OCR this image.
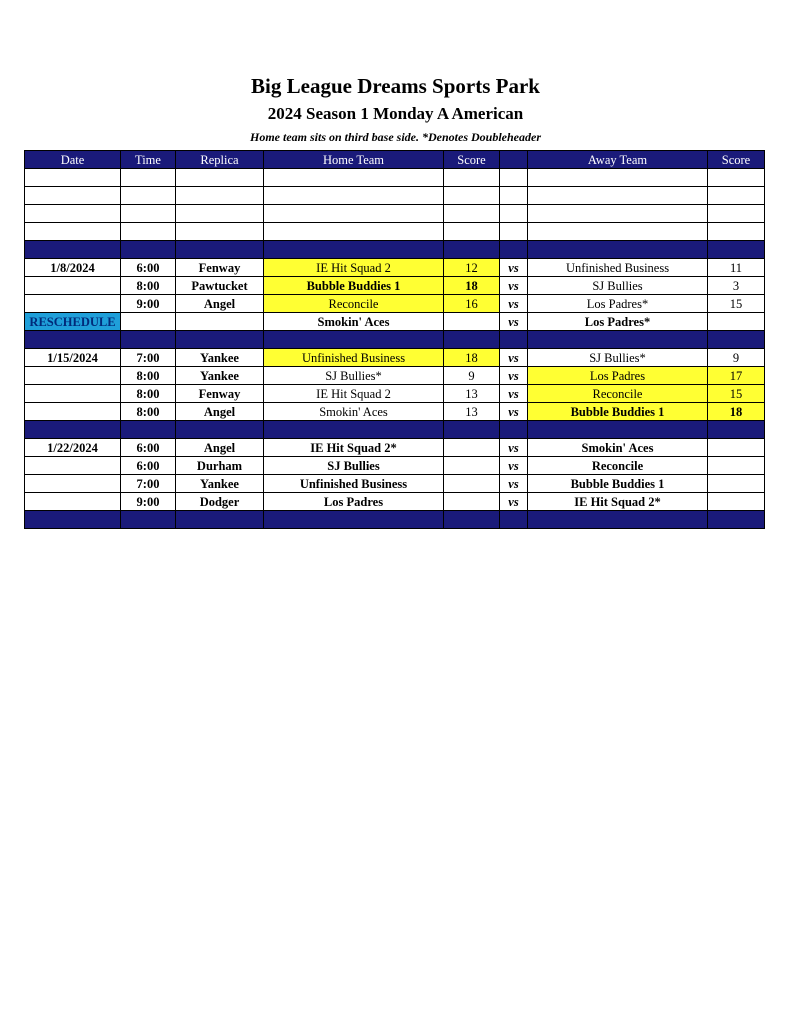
Big League Dreams Sports Park
2024 Season 1 Monday A American
Home team sits on third base side. *Denotes Doubleheader
Date	Time	Replica	Home Team	Score		Away Team	Score

1/8/2024	6:00	Fenway	IE Hit Squad 2	12	vs	Unfinished Business	11
	8:00	Pawtucket	Bubble Buddies 1	18	vs	SJ Bullies	3
	9:00	Angel	Reconcile	16	vs	Los Padres*	15
RESCHEDULE			Smokin' Aces		vs	Los Padres*	

1/15/2024	7:00	Yankee	Unfinished Business	18	vs	SJ Bullies*	9
	8:00	Yankee	SJ Bullies*	9	vs	Los Padres	17
	8:00	Fenway	IE Hit Squad 2	13	vs	Reconcile	15
	8:00	Angel	Smokin' Aces	13	vs	Bubble Buddies 1	18

1/22/2024	6:00	Angel	IE Hit Squad 2*		vs	Smokin' Aces	
	6:00	Durham	SJ Bullies		vs	Reconcile	
	7:00	Yankee	Unfinished Business		vs	Bubble Buddies 1	
	9:00	Dodger	Los Padres		vs	IE Hit Squad 2*	
